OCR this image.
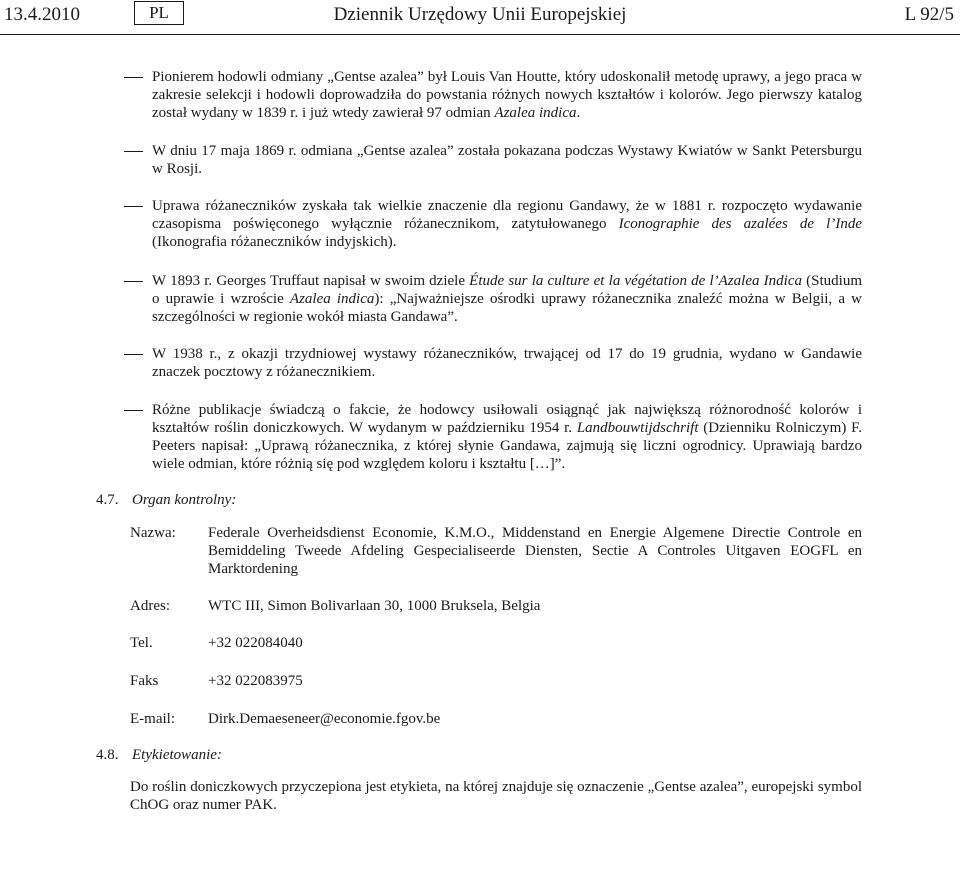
13.4.2010	PL	Dziennik Urzędowy Unii Europejskiej	L 92/5
Pionierem hodowli odmiany „Gentse azalea” był Louis Van Houtte, który udoskonalił metodę uprawy, a jego praca w zakresie selekcji i hodowli doprowadziła do powstania różnych nowych kształtów i kolorów. Jego pierwszy katalog został wydany w 1839 r. i już wtedy zawierał 97 odmian Azalea indica.
W dniu 17 maja 1869 r. odmiana „Gentse azalea” została pokazana podczas Wystawy Kwiatów w Sankt Petersburgu w Rosji.
Uprawa różaneczników zyskała tak wielkie znaczenie dla regionu Gandawy, że w 1881 r. rozpoczęto wydawanie czasopisma poświęconego wyłącznie różanecznikom, zatytułowanego Iconographie des azalées de l’Inde (Ikonografia różaneczników indyjskich).
W 1893 r. Georges Truffaut napisał w swoim dziele Étude sur la culture et la végétation de l’Azalea Indica (Studium o uprawie i wzroście Azalea indica): „Najważniejsze ośrodki uprawy różanecznika znaleźć można w Belgii, a w szczególności w regionie wokół miasta Gandawa”.
W 1938 r., z okazji trzydniowej wystawy różaneczników, trwającej od 17 do 19 grudnia, wydano w Gandawie znaczek pocztowy z różanecznikiem.
Różne publikacje świadczą o fakcie, że hodowcy usiłowali osiągnąć jak największą różnorodność kolorów i kształtów roślin doniczkowych. W wydanym w październiku 1954 r. Landbouwtijdschrift (Dzienniku Rolniczym) F. Peeters napisał: „Uprawą różanecznika, z której słynie Gandawa, zajmują się liczni ogrodnicy. Uprawiają bardzo wiele odmian, które różnią się pod względem koloru i kształtu […]”.
4.7. Organ kontrolny:
Nazwa: Federale Overheidsdienst Economie, K.M.O., Middenstand en Energie Algemene Directie Controle en Bemiddeling Tweede Afdeling Gespecialiseerde Diensten, Sectie A Controles Uitgaven EOGFL en Marktordening
Adres:	WTC III, Simon Bolivarlaan 30, 1000 Bruksela, Belgia
Tel.	+32 022084040
Faks	+32 022083975
E-mail: Dirk.Demaeseneer@economie.fgov.be
4.8. Etykietowanie:
Do roślin doniczkowych przyczepiona jest etykieta, na której znajduje się oznaczenie „Gentse azalea”, europejski symbol ChOG oraz numer PAK.
